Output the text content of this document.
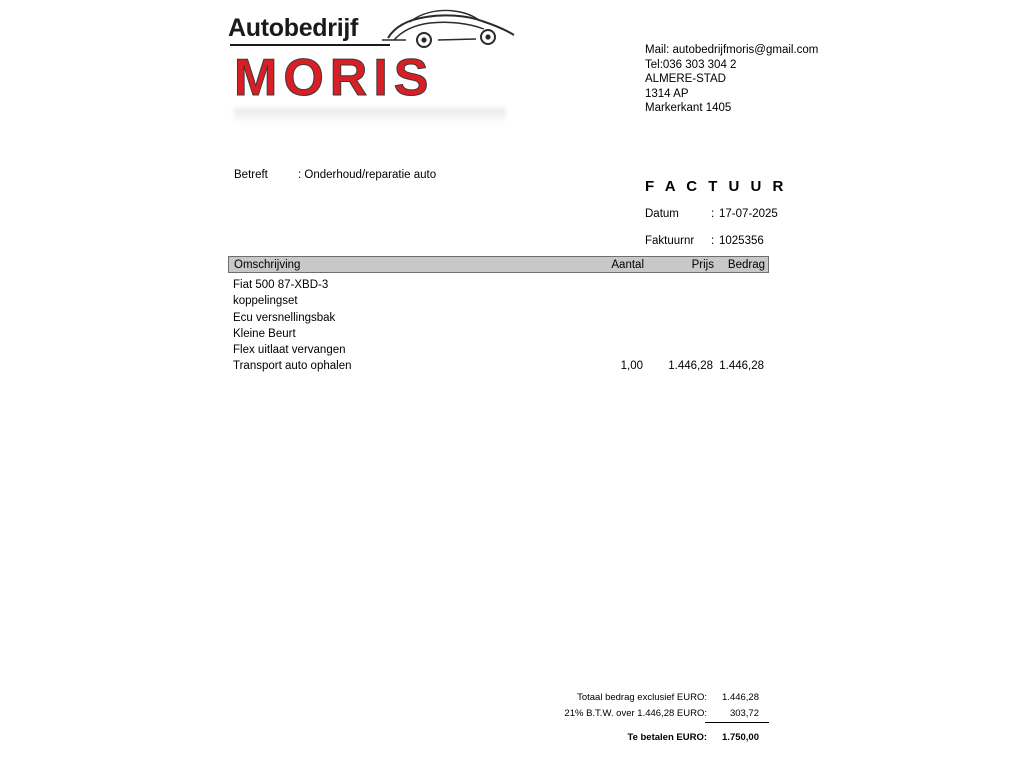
Autobedrijf
MORIS	Mail: autobedrijfmoris@gmail.com
Tel:036 303 304 2
ALMERE-STAD
1314 AP
Markerkant 1405
Betreft	: Onderhoud/reparatie auto
F A C T U U R
Datum	: 17-07-2025
Faktuurnr : 1025356
Omschrijving	Aantal	Prijs	Bedrag
Fiat 500 87-XBD-3
koppelingset
Ecu versnellingsbak
Kleine Beurt
Flex uitlaat vervangen
Transport auto ophalen	1,00	1.446,28 1.446,28
Totaal bedrag exclusief EURO:	1.446,28
21% B.T.W. over 1.446,28 EURO:	303,72
Te betalen EURO:	1.750,00
